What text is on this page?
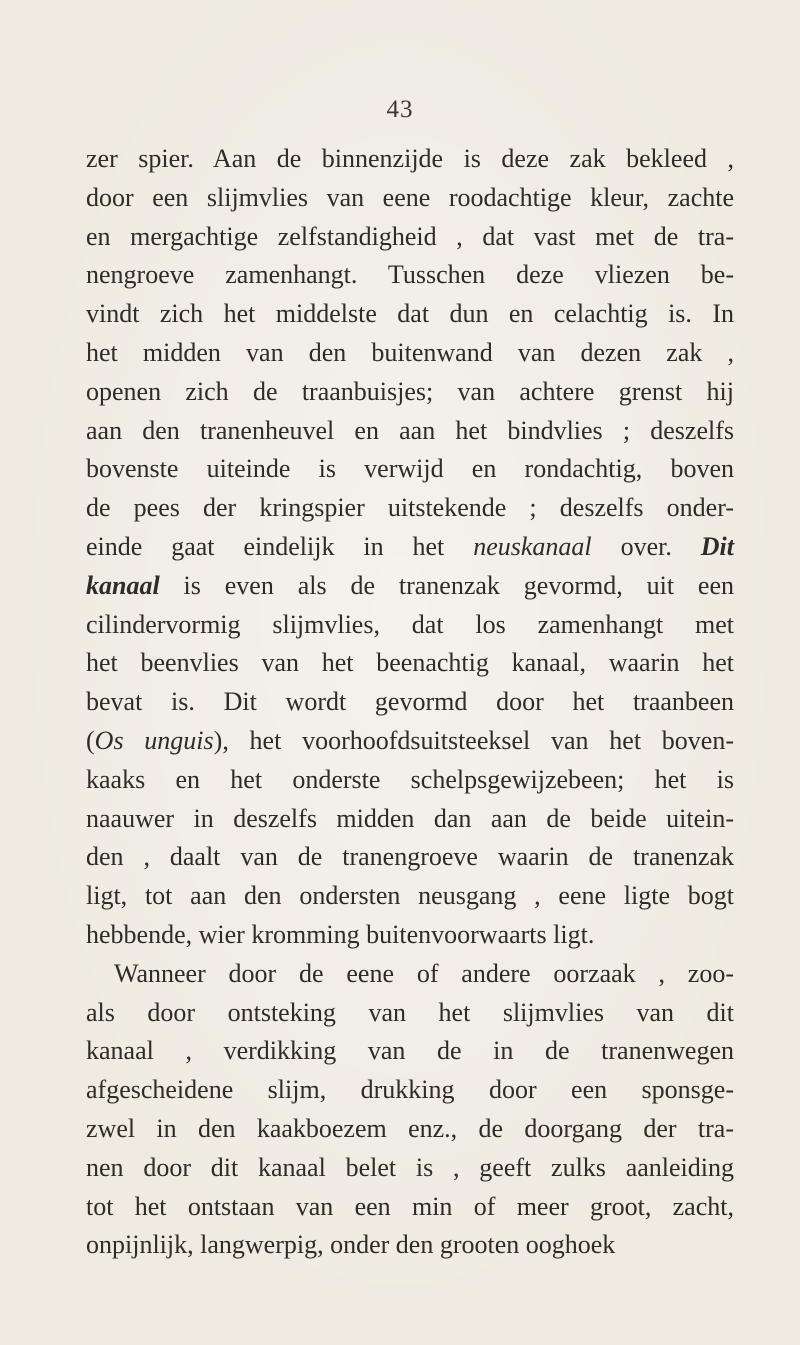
43
zer spier. Aan de binnenzijde is deze zak bekleed ,
door een slijmvlies van eene roodachtige kleur, zachte
en mergachtige zelfstandigheid , dat vast met de tra-
nengroeve zamenhangt. Tusschen deze vliezen be-
vindt zich het middelste dat dun en celachtig is. In
het midden van den buitenwand van dezen zak ,
openen zich de traanbuisjes; van achtere grenst hij
aan den tranenheuvel en aan het bindvlies ; deszelfs
bovenste uiteinde is verwijd en rondachtig, boven
de pees der kringspier uitstekende ; deszelfs onder-
einde gaat eindelijk in het neuskanaal over. Dit
kanaal is even als de tranenzak gevormd, uit een
cilindervormig slijmvlies, dat los zamenhangt met
het beenvlies van het beenachtig kanaal, waarin het
bevat is. Dit wordt gevormd door het traanbeen
(Os unguis), het voorhoofdsuitsteeksel van het boven-
kaaks en het onderste schelpsgewijzebeen; het is
naauwer in deszelfs midden dan aan de beide uitein-
den , daalt van de tranengroeve waarin de tranenzak
ligt, tot aan den ondersten neusgang , eene ligte bogt
hebbende, wier kromming buitenvoorwaarts ligt.
Wanneer door de eene of andere oorzaak , zoo-
als door ontsteking van het slijmvlies van dit
kanaal , verdikking van de in de tranenwegen
afgescheidene slijm, drukking door een sponsge-
zwel in den kaakboezem enz., de doorgang der tra-
nen door dit kanaal belet is , geeft zulks aanleiding
tot het ontstaan van een min of meer groot, zacht,
onpijnlijk, langwerpig, onder den grooten ooghoek
